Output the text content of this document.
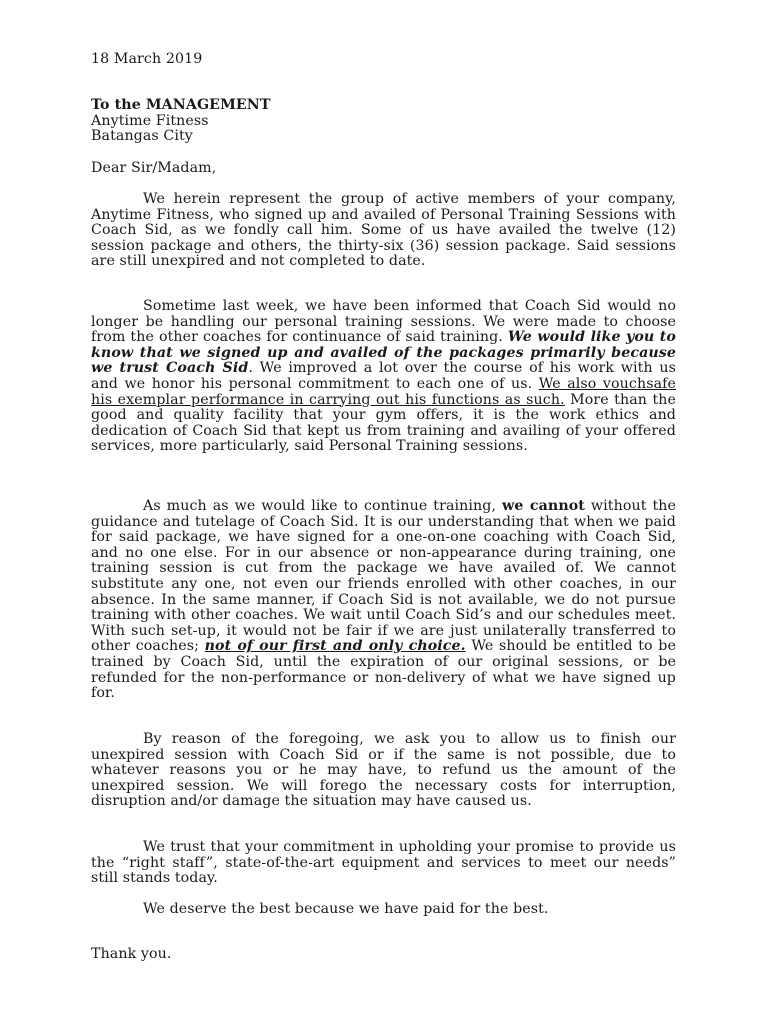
18 March 2019
To the MANAGEMENT
Anytime Fitness
Batangas City
Dear Sir/Madam,

We herein represent the group of active members of your company, Anytime Fitness, who signed up and availed of Personal Training Sessions with Coach Sid, as we fondly call him. Some of us have availed the twelve (12) session package and others, the thirty-six (36) session package. Said sessions are still unexpired and not completed to date.

Sometime last week, we have been informed that Coach Sid would no longer be handling our personal training sessions. We were made to choose from the other coaches for continuance of said training. We would like you to know that we signed up and availed of the packages primarily because we trust Coach Sid. We improved a lot over the course of his work with us and we honor his personal commitment to each one of us. We also vouchsafe his exemplar performance in carrying out his functions as such. More than the good and quality facility that your gym offers, it is the work ethics and dedication of Coach Sid that kept us from training and availing of your offered services, more particularly, said Personal Training sessions.

As much as we would like to continue training, we cannot without the guidance and tutelage of Coach Sid. It is our understanding that when we paid for said package, we have signed for a one-on-one coaching with Coach Sid, and no one else. For in our absence or non-appearance during training, one training session is cut from the package we have availed of. We cannot substitute any one, not even our friends enrolled with other coaches, in our absence. In the same manner, if Coach Sid is not available, we do not pursue training with other coaches. We wait until Coach Sid’s and our schedules meet. With such set-up, it would not be fair if we are just unilaterally transferred to other coaches; not of our first and only choice. We should be entitled to be trained by Coach Sid, until the expiration of our original sessions, or be refunded for the non-performance or non-delivery of what we have signed up for.

By reason of the foregoing, we ask you to allow us to finish our unexpired session with Coach Sid or if the same is not possible, due to whatever reasons you or he may have, to refund us the amount of the unexpired session. We will forego the necessary costs for interruption, disruption and/or damage the situation may have caused us.

We trust that your commitment in upholding your promise to provide us the “right staff”, state-of-the-art equipment and services to meet our needs” still stands today.

We deserve the best because we have paid for the best.

Thank you.
